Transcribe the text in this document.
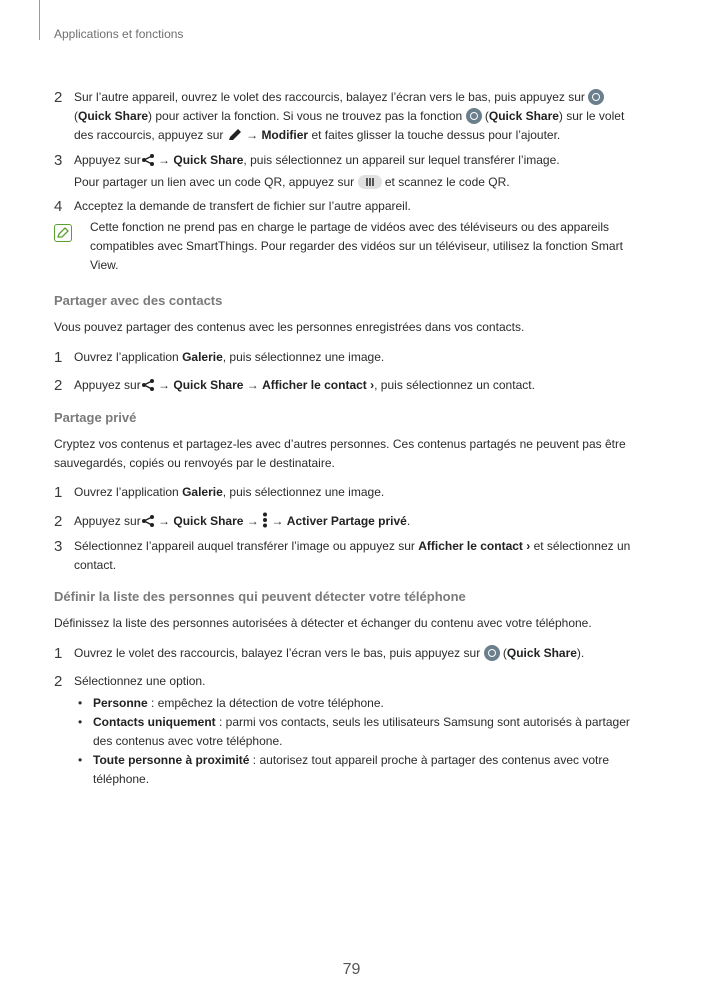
Applications et fonctions
2 Sur l’autre appareil, ouvrez le volet des raccourcis, balayez l’écran vers le bas, puis appuyez sur
(Quick Share) pour activer la fonction. Si vous ne trouvez pas la fonction (Quick Share) sur le volet
des raccourcis, appuyez sur → Modifier et faites glisser la touche dessus pour l’ajouter.
3 Appuyez sur → Quick Share, puis sélectionnez un appareil sur lequel transférer l’image.
Pour partager un lien avec un code QR, appuyez sur	et scannez le code QR.
4 Acceptez la demande de transfert de fichier sur l’autre appareil.
Cette fonction ne prend pas en charge le partage de vidéos avec des téléviseurs ou des appareils compatibles avec SmartThings. Pour regarder des vidéos sur un téléviseur, utilisez la fonction Smart View.
Partager avec des contacts
Vous pouvez partager des contenus avec les personnes enregistrées dans vos contacts.
1 Ouvrez l’application Galerie, puis sélectionnez une image.
2 Appuyez sur → Quick Share → Afficher le contact ›, puis sélectionnez un contact.
Partage privé
Cryptez vos contenus et partagez-les avec d’autres personnes. Ces contenus partagés ne peuvent pas être sauvegardés, copiés ou renvoyés par le destinataire.
1 Ouvrez l’application Galerie, puis sélectionnez une image.
2 Appuyez sur → Quick Share → → Activer Partage privé.
3 Sélectionnez l’appareil auquel transférer l’image ou appuyez sur Afficher le contact › et sélectionnez un contact.
Définir la liste des personnes qui peuvent détecter votre téléphone
Définissez la liste des personnes autorisées à détecter et échanger du contenu avec votre téléphone.
1 Ouvrez le volet des raccourcis, balayez l’écran vers le bas, puis appuyez sur (Quick Share).
2 Sélectionnez une option.
• Personne : empêchez la détection de votre téléphone.
• Contacts uniquement : parmi vos contacts, seuls les utilisateurs Samsung sont autorisés à partager des contenus avec votre téléphone.
• Toute personne à proximité : autorisez tout appareil proche à partager des contenus avec votre téléphone.
79
